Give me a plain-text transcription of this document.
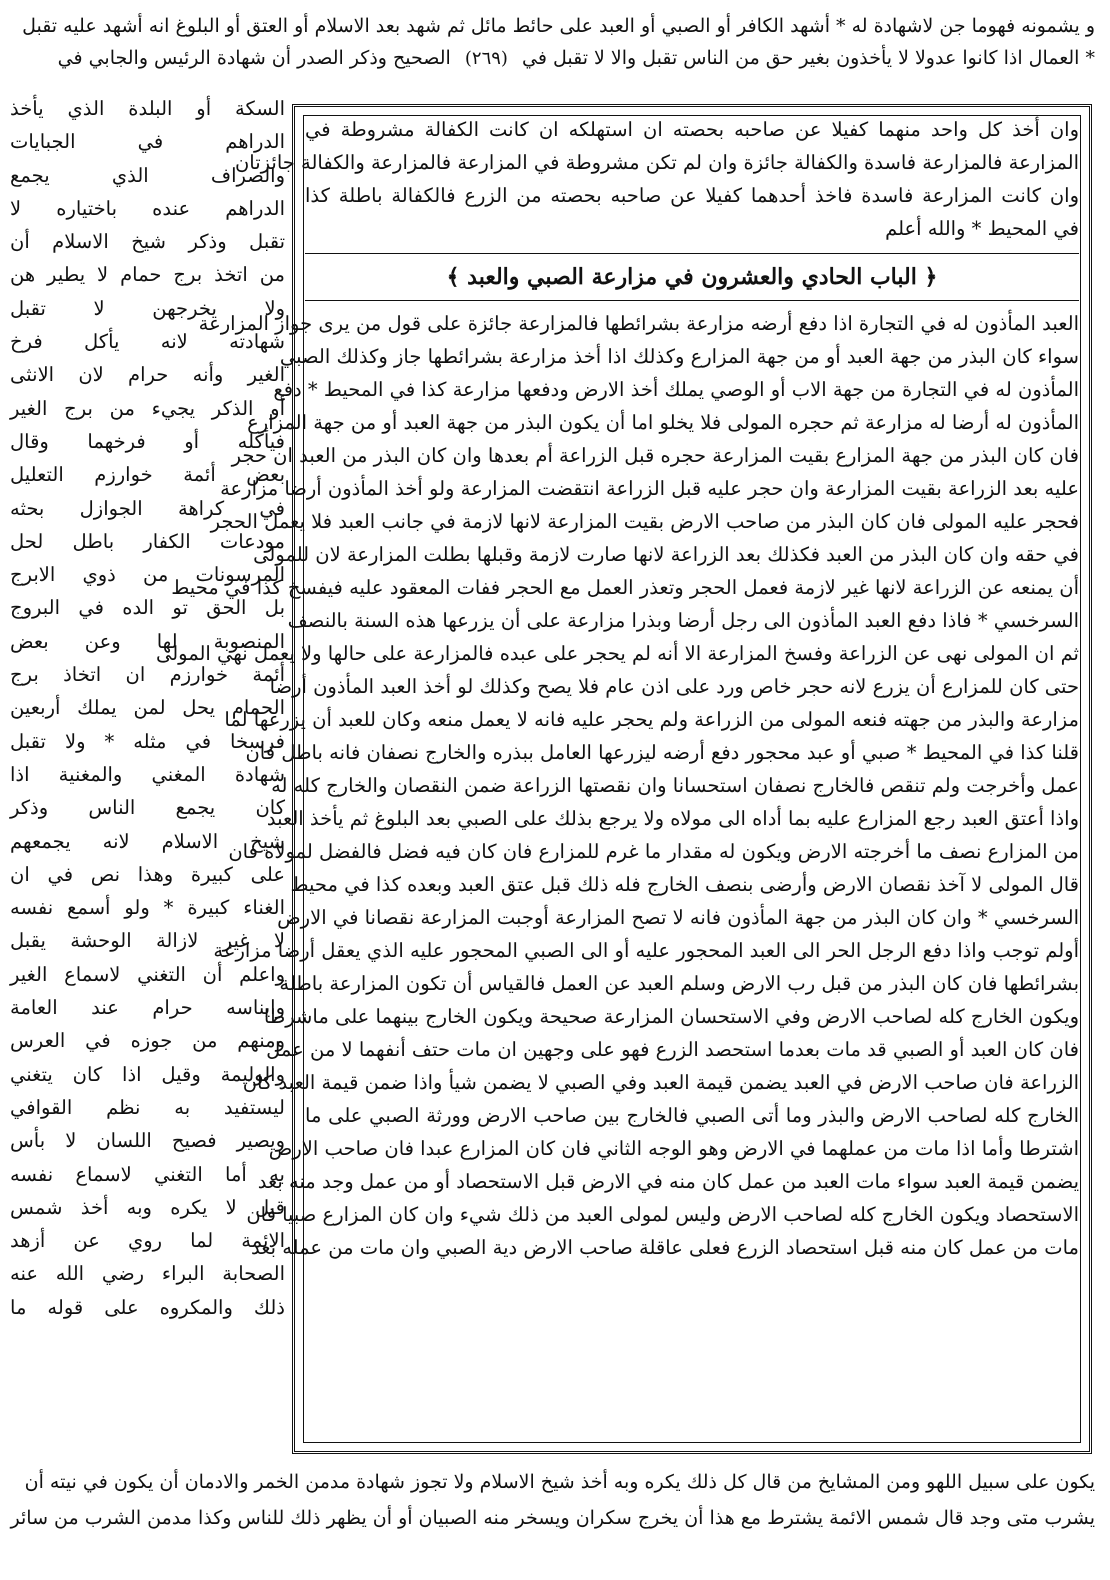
و يشمونه فهوما جن لاشهادة له * أشهد الكافر أو الصبي أو العبد على حائط مائل ثم شهد بعد الاسلام أو العتق أو البلوغ انه أشهد عليه تقبل
* العمال اذا كانوا عدولا لا يأخذون بغير حق من الناس تقبل والا لا تقبل في (٢٦٩) الصحيح وذكر الصدر أن شهادة الرئيس والجابي في
وان أخذ كل واحد منهما كفيلا عن صاحبه بحصته ان استهلكه ان كانت الكفالة مشروطة في
المزارعة فالمزارعة فاسدة والكفالة جائزة وان لم تكن مشروطة في المزارعة فالمزارعة والكفالة جائزتان
وان كانت المزارعة فاسدة فاخذ أحدهما كفيلا عن صاحبه بحصته من الزرع فالكفالة باطلة كذا
في المحيط * والله أعلم
﴿ الباب الحادي والعشرون في مزارعة الصبي والعبد ﴾
العبد المأذون له في التجارة اذا دفع أرضه مزارعة بشرائطها فالمزارعة جائزة على قول من يرى جواز المزارعة
سواء كان البذر من جهة العبد أو من جهة المزارع وكذلك اذا أخذ مزارعة بشرائطها جاز وكذلك الصبي
المأذون له في التجارة من جهة الاب أو الوصي يملك أخذ الارض ودفعها مزارعة كذا في المحيط * دفع
المأذون له أرضا له مزارعة ثم حجره المولى فلا يخلو اما أن يكون البذر من جهة العبد أو من جهة المزارع
فان كان البذر من جهة المزارع بقيت المزارعة حجره قبل الزراعة أم بعدها وان كان البذر من العبد ان حجر
عليه بعد الزراعة بقيت المزارعة وان حجر عليه قبل الزراعة انتقضت المزارعة ولو أخذ المأذون أرضا مزارعة
فحجر عليه المولى فان كان البذر من صاحب الارض بقيت المزارعة لانها لازمة في جانب العبد فلا يعمل الحجر
في حقه وان كان البذر من العبد فكذلك بعد الزراعة لانها صارت لازمة وقبلها بطلت المزارعة لان للمولى
أن يمنعه عن الزراعة لانها غير لازمة فعمل الحجر وتعذر العمل مع الحجر ففات المعقود عليه فيفسخ كذا في محيط
السرخسي * فاذا دفع العبد المأذون الى رجل أرضا وبذرا مزارعة على أن يزرعها هذه السنة بالنصف
ثم ان المولى نهى عن الزراعة وفسخ المزارعة الا أنه لم يحجر على عبده فالمزارعة على حالها ولا يعمل نهي المولى
حتى كان للمزارع أن يزرع لانه حجر خاص ورد على اذن عام فلا يصح وكذلك لو أخذ العبد المأذون أرضا
مزارعة والبذر من جهته فنعه المولى من الزراعة ولم يحجر عليه فانه لا يعمل منعه وكان للعبد أن يزرعها لما
قلنا كذا في المحيط * صبي أو عبد محجور دفع أرضه ليزرعها العامل ببذره والخارج نصفان فانه باطل فان
عمل وأخرجت ولم تنقص فالخارج نصفان استحسانا وان نقصتها الزراعة ضمن النقصان والخارج كله له
واذا أعتق العبد رجع المزارع عليه بما أداه الى مولاه ولا يرجع بذلك على الصبي بعد البلوغ ثم يأخذ العبد
من المزارع نصف ما أخرجته الارض ويكون له مقدار ما غرم للمزارع فان كان فيه فضل فالفضل لمولاه فان
قال المولى لا آخذ نقصان الارض وأرضى بنصف الخارج فله ذلك قبل عتق العبد وبعده كذا في محيط
السرخسي * وان كان البذر من جهة المأذون فانه لا تصح المزارعة أوجبت المزارعة نقصانا في الارض
أولم توجب واذا دفع الرجل الحر الى العبد المحجور عليه أو الى الصبي المحجور عليه الذي يعقل أرضا مزارعة
بشرائطها فان كان البذر من قبل رب الارض وسلم العبد عن العمل فالقياس أن تكون المزارعة باطلة
ويكون الخارج كله لصاحب الارض وفي الاستحسان المزارعة صحيحة ويكون الخارج بينهما على ماشرطا
فان كان العبد أو الصبي قد مات بعدما استحصد الزرع فهو على وجهين ان مات حتف أنفهما لا من عمل
الزراعة فان صاحب الارض في العبد يضمن قيمة العبد وفي الصبي لا يضمن شيأ واذا ضمن قيمة العبد كان
الخارج كله لصاحب الارض والبذر وما أتى الصبي فالخارج بين صاحب الارض وورثة الصبي على ما
اشترطا وأما اذا مات من عملهما في الارض وهو الوجه الثاني فان كان المزارع عبدا فان صاحب الارض
يضمن قيمة العبد سواء مات العبد من عمل كان منه في الارض قبل الاستحصاد أو من عمل وجد منه بعد
الاستحصاد ويكون الخارج كله لصاحب الارض وليس لمولى العبد من ذلك شيء وان كان المزارع صبيا فان
مات من عمل كان منه قبل استحصاد الزرع فعلى عاقلة صاحب الارض دية الصبي وان مات من عمله بعد
السكة أو البلدة الذي يأخذ
الدراهم في الجبايات
والصراف الذي يجمع
الدراهم عنده باختياره لا
تقبل وذكر شيخ الاسلام أن
من اتخذ برج حمام لا يطير هن
ولا يخرجهن لا تقبل
شهادته لانه يأكل فرخ
الغير وأنه حرام لان الانثى
أو الذكر يجيء من برج الغير
فيأكله أو فرخهما وقال
بعض أئمة خوارزم التعليل
في كراهة الجوازل بحثه
مودعات الكفار باطل لحل
المرسونات من ذوي الابرج
بل الحق تو الده في البروج
المنصوبة لها وعن بعض
أئمة خوارزم ان اتخاذ برج
الحمام يحل لمن يملك أربعين
فرسخا في مثله * ولا تقبل
شهادة المغني والمغنية اذا
كان يجمع الناس وذكر
شيخ الاسلام لانه يجمعهم
على كبيرة وهذا نص في ان
الغناء كبيرة * ولو أسمع نفسه
لا غير لازالة الوحشة يقبل
واعلم أن التغني لاسماع الغير
وايناسه حرام عند العامة
ومنهم من جوزه في العرس
والوليمة وقيل اذا كان يتغني
ليستفيد به نظم القوافي
ويصير فصيح اللسان لا بأس
به أما التغني لاسماع نفسه
قيل لا يكره وبه أخذ شمس
الائمة لما روي عن أزهد
الصحابة البراء رضي الله عنه
ذلك والمكروه على قوله ما
يكون على سبيل اللهو ومن المشايخ من قال كل ذلك يكره وبه أخذ شيخ الاسلام ولا تجوز شهادة مدمن الخمر والادمان أن يكون في نيته أن
يشرب متى وجد قال شمس الائمة يشترط مع هذا أن يخرج سكران ويسخر منه الصبيان أو أن يظهر ذلك للناس وكذا مدمن الشرب من سائر
